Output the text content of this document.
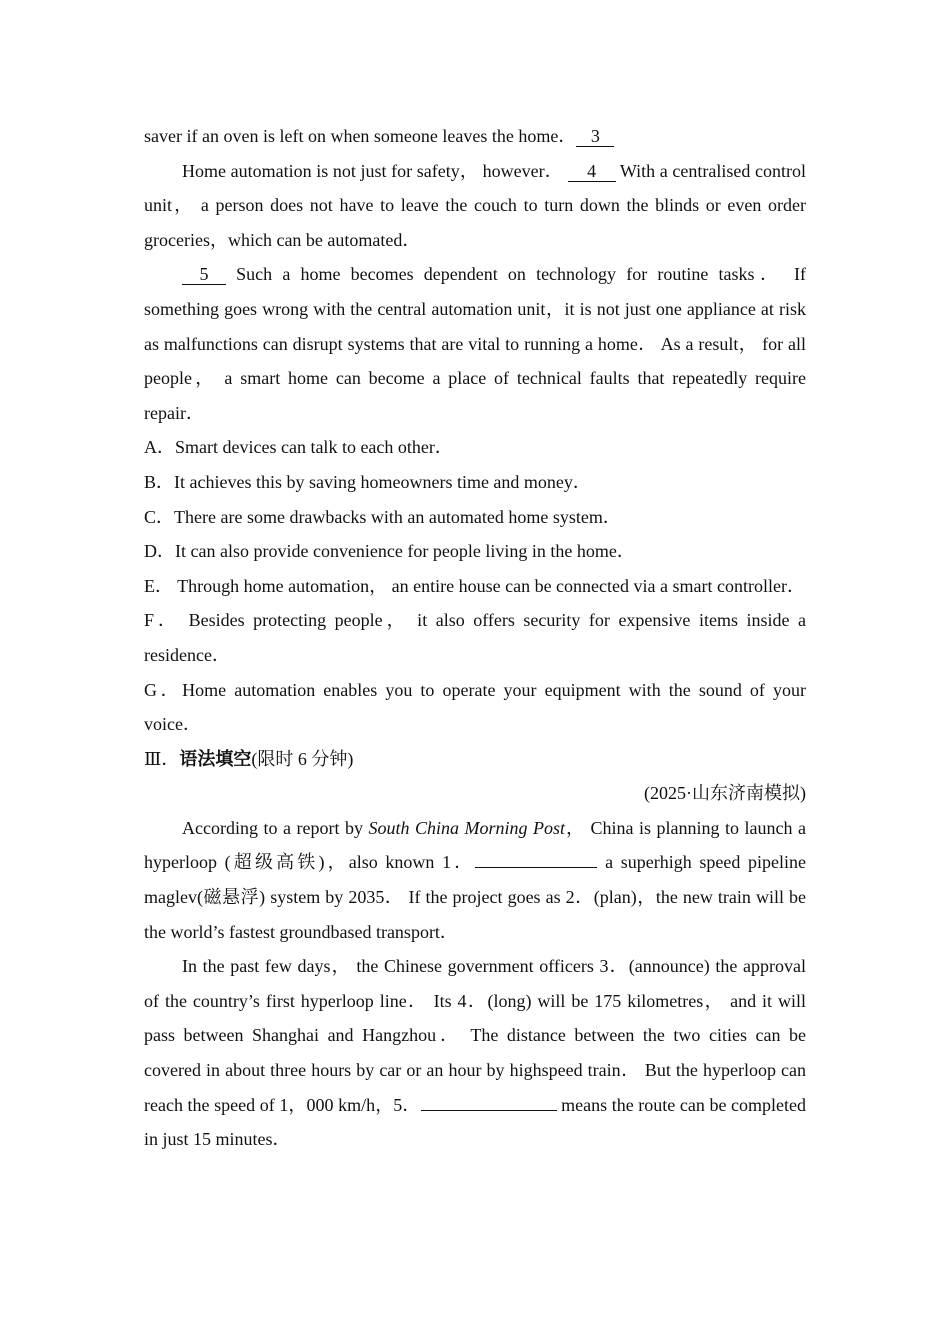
saver if an oven is left on when someone leaves the home． 3

Home automation is not just for safety， however． 4 With a centralised control unit， a person does not have to leave the couch to turn down the blinds or even order groceries，which can be automated．

5 Such a home becomes dependent on technology for routine tasks． If something goes wrong with the central automation unit，it is not just one appliance at risk as malfunctions can disrupt systems that are vital to running a home． As a result， for all people， a smart home can become a place of technical faults that repeatedly require repair．

A．Smart devices can talk to each other．

B．It achieves this by saving homeowners time and money．

C．There are some drawbacks with an automated home system．

D．It can also provide convenience for people living in the home．

E． Through home automation， an entire house can be connected via a smart controller．

F． Besides protecting people， it also offers security for expensive items inside a residence．

G．Home automation enables you to operate your equipment with the sound of your voice．

Ⅲ．语法填空(限时 6 分钟)

(2025·山东济南模拟)

According to a report by South China Morning Post， China is planning to launch a hyperloop (超级高铁)，also known 1．	a superhigh speed pipeline maglev(磁悬浮) system by 2035． If the project goes as 2．(plan)，the new train will be the world’s fastest groundbased transport．

In the past few days， the Chinese government officers 3．(announce) the approval of the country’s first hyperloop line． Its 4．(long) will be 175 kilometres， and it will pass between Shanghai and Hangzhou． The distance between the two cities can be covered in about three hours by car or an hour by highspeed train． But the hyperloop can reach the speed of 1，000 km/h，5．	means the route can be completed in just 15 minutes．
